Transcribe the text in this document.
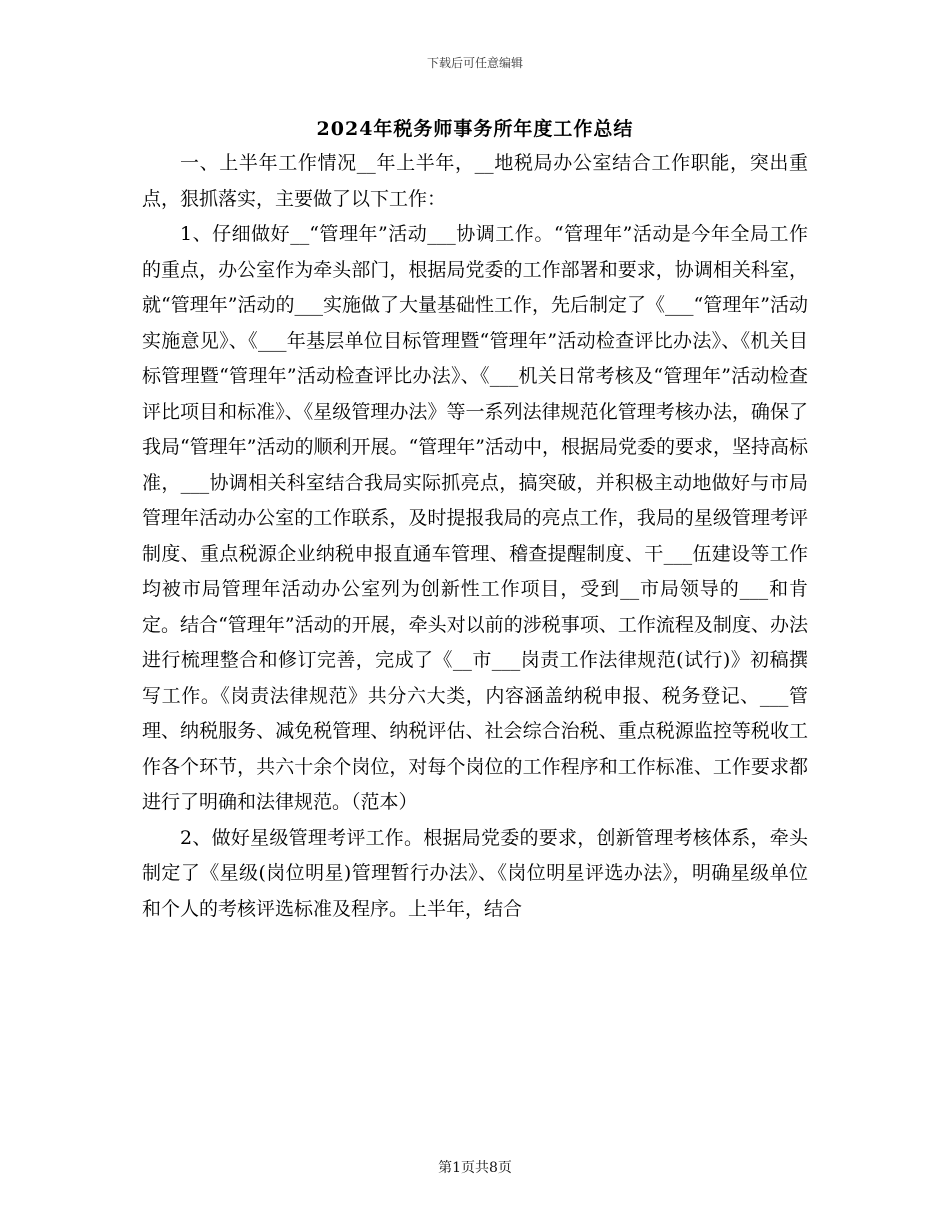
下载后可任意编辑
2024年税务师事务所年度工作总结

一、上半年工作情况__年上半年，__地税局办公室结合工作职能，突出重点，狠抓落实，主要做了以下工作：

1、仔细做好__“管理年”活动___协调工作。“管理年”活动是今年全局工作的重点，办公室作为牵头部门，根据局党委的工作部署和要求，协调相关科室，就“管理年”活动的___实施做了大量基础性工作，先后制定了《___“管理年”活动实施意见》、《___年基层单位目标管理暨“管理年”活动检查评比办法》、《机关目标管理暨“管理年”活动检查评比办法》、《___机关日常考核及“管理年”活动检查评比项目和标准》、《星级管理办法》等一系列法律规范化管理考核办法，确保了我局“管理年”活动的顺利开展。“管理年”活动中，根据局党委的要求，坚持高标准，___协调相关科室结合我局实际抓亮点，搞突破，并积极主动地做好与市局管理年活动办公室的工作联系，及时提报我局的亮点工作，我局的星级管理考评制度、重点税源企业纳税申报直通车管理、稽查提醒制度、干___伍建设等工作均被市局管理年活动办公室列为创新性工作项目，受到__市局领导的___和肯定。结合“管理年”活动的开展，牵头对以前的涉税事项、工作流程及制度、办法进行梳理整合和修订完善，完成了《__市___岗责工作法律规范(试行)》初稿撰写工作。《岗责法律规范》共分六大类，内容涵盖纳税申报、税务登记、___管理、纳税服务、减免税管理、纳税评估、社会综合治税、重点税源监控等税收工作各个环节，共六十余个岗位，对每个岗位的工作程序和工作标准、工作要求都进行了明确和法律规范。（范本）

2、做好星级管理考评工作。根据局党委的要求，创新管理考核体系，牵头制定了《星级(岗位明星)管理暂行办法》、《岗位明星评选办法》，明确星级单位和个人的考核评选标准及程序。上半年，结合

第1页共8页
